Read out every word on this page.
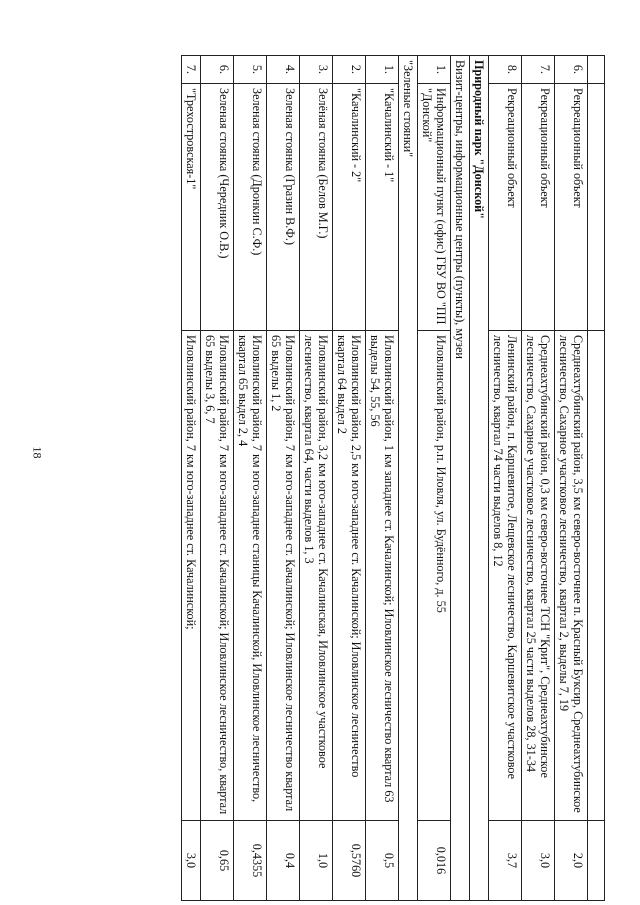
18

6.	Рекреационный объект	Среднеахтубинский район, 3,5 км северо-восточнее п. Красный Буксир, Среднеахтубинское лесничество, Сахарное участковое лесничество, квартал 2, выделы 7, 19	2,0
7.	Рекреационный объект	Среднеахтубинский район, 0,3 км северо-восточнее ТСН "Крит", Среднеахтубинское лесничество, Сахарное участковое лесничество, квартал 25 части выделов 28, 31-34	3,0
8.	Рекреационный объект	Ленинский район, п. Каршевитое, Лещевское лесничество, Каршевитское участковое лесничество, квартал 74 части выделов 8, 12	3,7
Природный парк "Донской"			
Визит-центры, информационные центры (пункты), музеи			
1.	Информационный пункт (офис) ГБУ ВО "ПП "Донской"	Иловлинский район, р.п. Иловля, ул. Будённого, д. 55	0,016
"Зеленые стоянки"			
1.	"Качалинский - 1"	Иловлинский район, 1 км западнее ст. Качалинской; Иловлинское лесничество квартал 63 выделы 54, 55, 56	0,5
2.	"Качалинский - 2"	Иловлинский район, 2,5 км юго-западнее ст. Качалинской; Иловлинское лесничество квартал 64 выдел 2	0,5760
3.	Зелёная стоянка (Белов М.Г.)	Иловлинский район, 3,2 км юго-западнее ст. Качалинская, Иловлинское участковое лесничество, квартал 64, части выделов 1, 3	1,0
4.	Зеленая стоянка (Гразин В.Ф.)	Иловлинский район, 7 км юго-западнее ст. Качалинской; Иловлинское лесничество квартал 65 выделы 1, 2	0,4
5.	Зеленая стоянка (Дронкин С.Ф.)	Иловлинский район, 7 км юго-западнее станицы Качалинской, Иловлинское лесничество, квартал 65 выдел 2, 4	0,4355
6.	Зеленая стоянка (Чередник О.В.)	Иловлинский район, 7 км юго-западнее ст. Качалинской; Иловлинское лесничество, квартал 65 выделы 3, 6, 7	0,65
7.	"Трехостровская-1"	Иловлинский район, 7 км юго-западнее ст. Качалинской;	3,0
